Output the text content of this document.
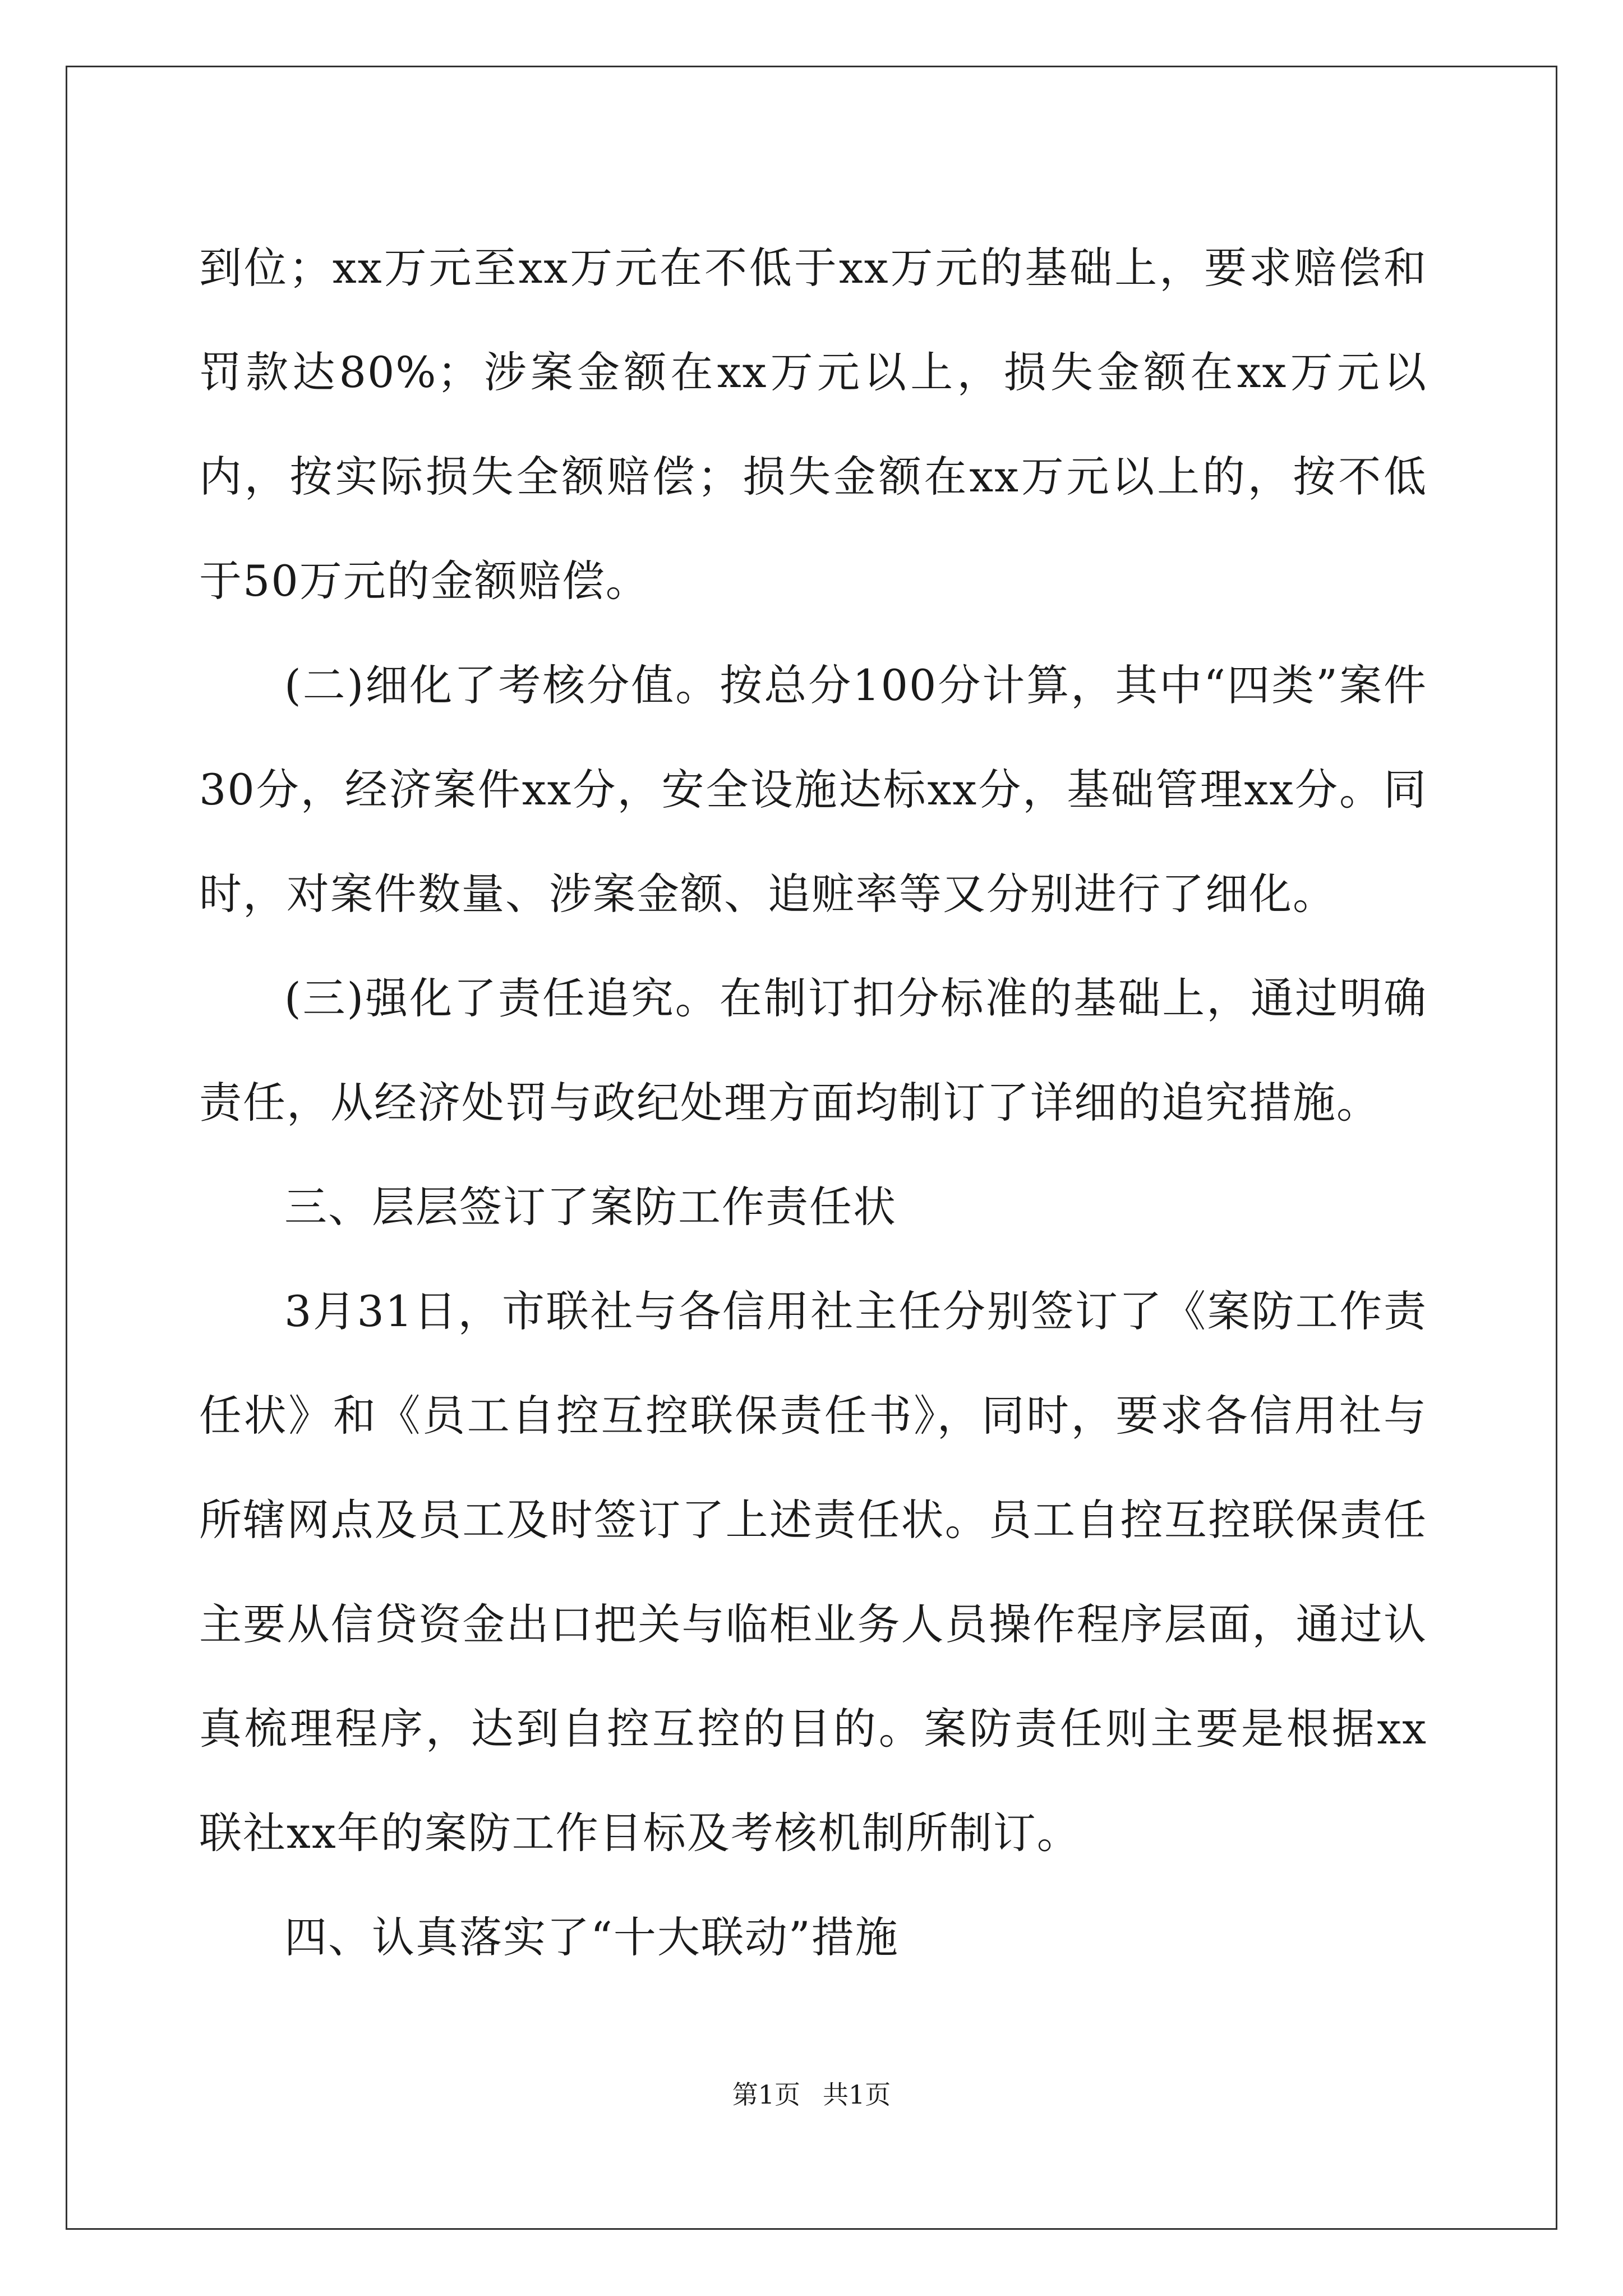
到位；xx万元至xx万元在不低于xx万元的基础上，要求赔偿和罚款达80%；涉案金额在xx万元以上，损失金额在xx万元以内，按实际损失全额赔偿；损失金额在xx万元以上的，按不低于50万元的金额赔偿。

(二)细化了考核分值。按总分100分计算，其中“四类”案件30分，经济案件xx分，安全设施达标xx分，基础管理xx分。同时，对案件数量、涉案金额、追赃率等又分别进行了细化。

(三)强化了责任追究。在制订扣分标准的基础上，通过明确责任，从经济处罚与政纪处理方面均制订了详细的追究措施。

三、层层签订了案防工作责任状

3月31日，市联社与各信用社主任分别签订了《案防工作责任状》和《员工自控互控联保责任书》，同时，要求各信用社与所辖网点及员工及时签订了上述责任状。员工自控互控联保责任主要从信贷资金出口把关与临柜业务人员操作程序层面，通过认真梳理程序，达到自控互控的目的。案防责任则主要是根据xx联社xx年的案防工作目标及考核机制所制订。

四、认真落实了“十大联动”措施

第1页 共1页
